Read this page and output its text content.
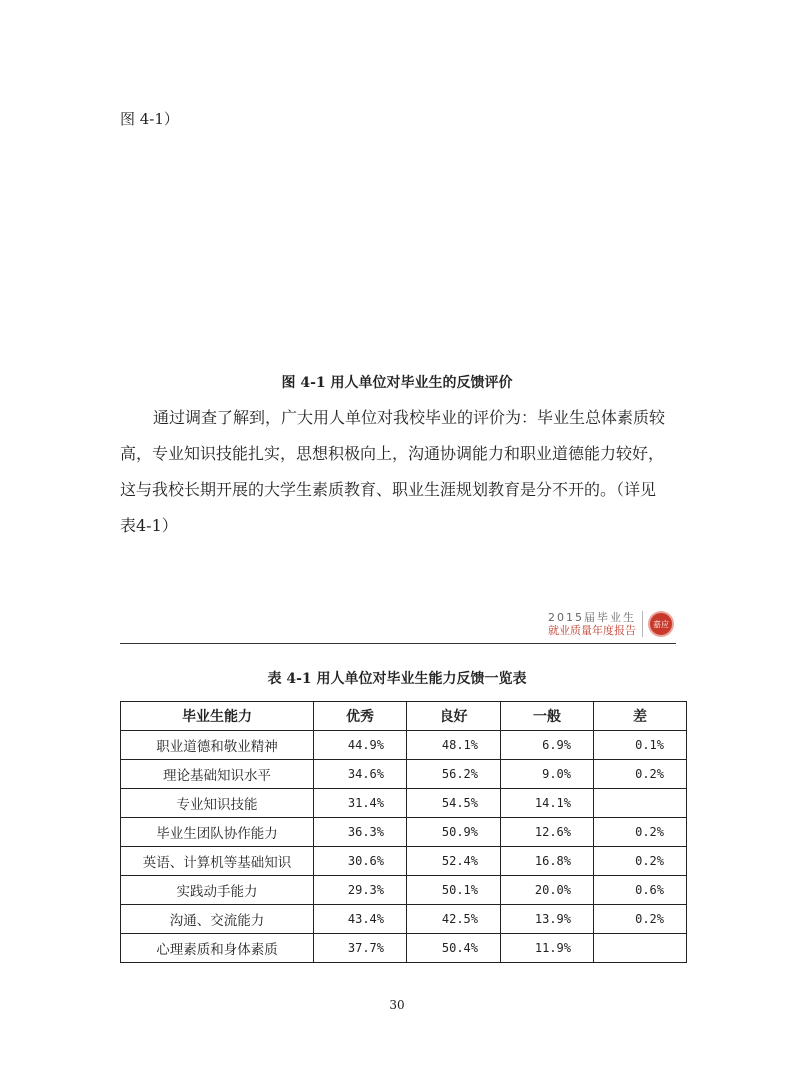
图 4-1）
图 4-1 用人单位对毕业生的反馈评价
通过调查了解到，广大用人单位对我校毕业的评价为：毕业生总体素质较
高，专业知识技能扎实，思想积极向上，沟通协调能力和职业道德能力较好，
这与我校长期开展的大学生素质教育、职业生涯规划教育是分不开的。（详见
表4-1）
2015届毕业生
就业质量年度报告	嘉应
表 4-1 用人单位对毕业生能力反馈一览表
毕业生能力	优秀	良好	一般	差
职业道德和敬业精神	44.9%	48.1%	6.9%	0.1%
理论基础知识水平	34.6%	56.2%	9.0%	0.2%
专业知识技能	31.4%	54.5%	14.1%	
毕业生团队协作能力	36.3%	50.9%	12.6%	0.2%
英语、计算机等基础知识	30.6%	52.4%	16.8%	0.2%
实践动手能力	29.3%	50.1%	20.0%	0.6%
沟通、交流能力	43.4%	42.5%	13.9%	0.2%
心理素质和身体素质	37.7%	50.4%	11.9%	
30
